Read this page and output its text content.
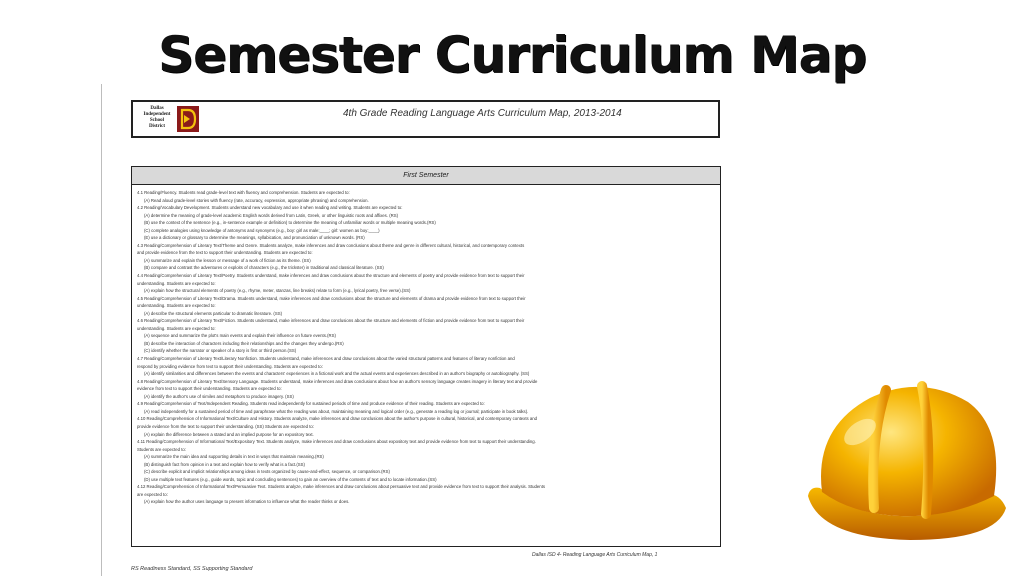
Semester Curriculum Map
Dallas
Independent
School
District
4th Grade Reading Language Arts Curriculum Map, 2013-2014
First Semester
4.1 Reading/Fluency. Students read grade-level text with fluency and comprehension. Students are expected to:
(A) Read aloud grade-level stories with fluency (rate, accuracy, expression, appropriate phrasing) and comprehension.
4.2 Reading/Vocabulary Development. Students understand new vocabulary and use it when reading and writing. Students are expected to:
(A) determine the meaning of grade-level academic English words derived from Latin, Greek, or other linguistic roots and affixes. (RS)
(B) use the context of the sentence (e.g., in-sentence example or definition) to determine the meaning of unfamiliar words or multiple meaning words.(RS)
(C) complete analogies using knowledge of antonyms and synonyms (e.g., boy: girl as male:____; girl: women as boy:____)
(E) use a dictionary or glossary to determine the meanings, syllabication, and pronunciation of unknown words. (RS)
4.3 Reading/Comprehension of Literary Text/Theme and Genre. Students analyze, make inferences and draw conclusions about theme and genre in different cultural, historical, and contemporary contexts
and provide evidence from the text to support their understanding. Students are expected to:
(A) summarize and explain the lesson or message of a work of fiction as its theme. (SS)
(B) compare and contrast the adventures or exploits of characters (e.g., the trickster) in traditional and classical literature. (SS)
4.4 Reading/Comprehension of Literary Text/Poetry. Students understand, make inferences and draw conclusions about the structure and elements of poetry and provide evidence from text to support their
understanding. Students are expected to:
(A) explain how the structural elements of poetry (e.g., rhyme, meter, stanzas, line breaks) relate to form (e.g., lyrical poetry, free verse).(SS)
4.5 Reading/Comprehension of Literary Text/Drama. Students understand, make inferences and draw conclusions about the structure and elements of drama and provide evidence from text to support their
understanding. Students are expected to:
(A) describe the structural elements particular to dramatic literature. (SS)
4.6 Reading/Comprehension of Literary Text/Fiction. Students understand, make inferences and draw conclusions about the structure and elements of fiction and provide evidence from text to support their
understanding. Students are expected to:
(A) sequence and summarize the plot's main events and explain their influence on future events.(RS)
(B) describe the interaction of characters including their relationships and the changes they undergo.(RS)
(C) identify whether the narrator or speaker of a story is first or third person.(SS)
4.7 Reading/Comprehension of Literary Text/Literary Nonfiction. Students understand, make inferences and draw conclusions about the varied structural patterns and features of literary nonfiction and
respond by providing evidence from text to support their understanding. Students are expected to:
(A) identify similarities and differences between the events and characters' experiences in a fictional work and the actual events and experiences described in an author's biography or autobiography. (SS)
4.8 Reading/Comprehension of Literary Text/Sensory Language. Students understand, make inferences and draw conclusions about how an author's sensory language creates imagery in literary text and provide
evidence from text to support their understanding. Students are expected to:
(A) identify the author's use of similes and metaphors to produce imagery. (SS)
4.9 Reading/Comprehension of Text/Independent Reading. Students read independently for sustained periods of time and produce evidence of their reading. Students are expected to:
(A) read independently for a sustained period of time and paraphrase what the reading was about, maintaining meaning and logical order (e.g., generate a reading log or journal; participate in book talks).
4.10 Reading/Comprehension of Informational Text/Culture and History. Students analyze, make inferences and draw conclusions about the author's purpose in cultural, historical, and contemporary contexts and
provide evidence from the text to support their understanding. (SS) Students are expected to:
(A) explain the difference between a stated and an implied purpose for an expository text.
4.11 Reading/Comprehension of Informational Text/Expository Text. Students analyze, make inferences and draw conclusions about expository text and provide evidence from text to support their understanding.
Students are expected to:
(A) summarize the main idea and supporting details in text in ways that maintain meaning.(RS)
(B) distinguish fact from opinion in a text and explain how to verify what is a fact.(SS)
(C) describe explicit and implicit relationships among ideas in texts organized by cause-and-effect, sequence, or comparison.(RS)
(D) use multiple text features (e.g., guide words, topic and concluding sentences) to gain an overview of the contents of text and to locate information.(SS)
4.12 Reading/Comprehension of Informational Text/Persuasive Text. Students analyze, make inferences and draw conclusions about persuasive text and provide evidence from text to support their analysis. Students
are expected to:
(A) explain how the author uses language to present information to influence what the reader thinks or does.
Dallas ISD 4- Reading Language Arts Curriculum Map, 1
RS Readiness Standard, SS Supporting Standard
